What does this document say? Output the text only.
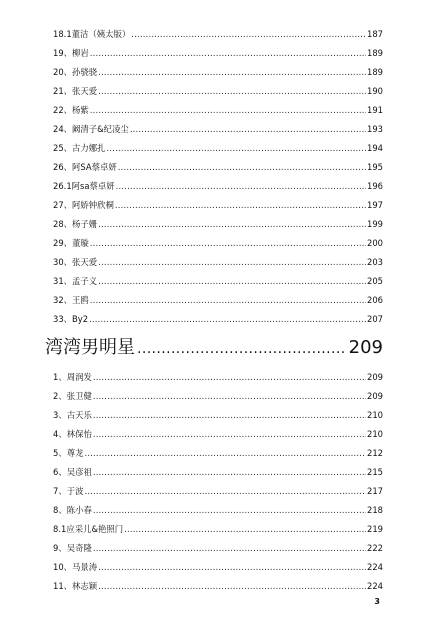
18.1董洁（姨太版） .....	187
19、柳岩 .....	189
20、孙骁骁 .....	189
21、张天爱 .....	190
22、杨紫 .....	191
24、阚清子&纪凌尘 .....	193
25、古力娜扎 .....	194
26、阿SA蔡卓妍 .....	195
26.1阿sa蔡卓妍 .....	196
27、阿娇钟欣桐 .....	197
28、杨子姗 .....	199
29、董璇 .....	200
30、张天爱 .....	203
31、孟子义 .....	205
32、王鸥 .....	206
33、By2 .....	207
湾湾男明星 .....	209
1、周润发 .....	209
2、张卫健 .....	209
3、古天乐 .....	210
4、林保怡 .....	210
5、尊龙 .....	212
6、吴彦祖 .....	215
7、于波 .....	217
8、陈小春 .....	218
8.1应采儿&艳照门 .....	219
9、吴奇隆 .....	222
10、马景涛 .....	224
11、林志颖 .....	224
3
